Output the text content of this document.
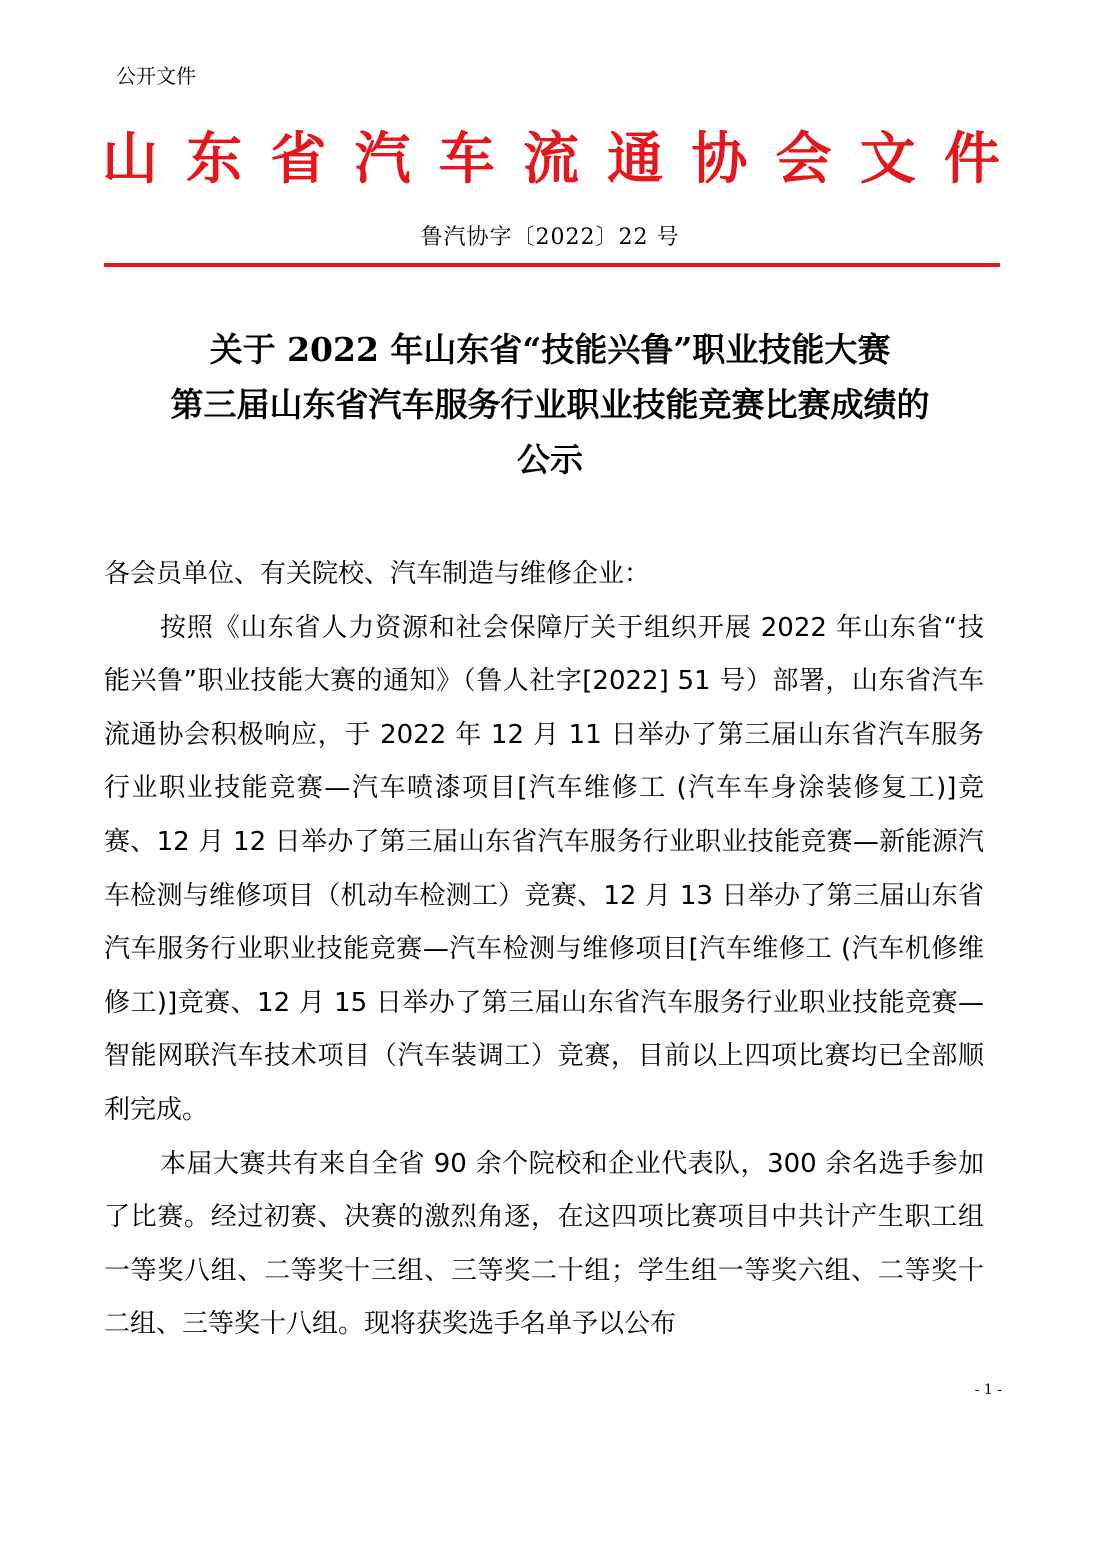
公开文件
山 东 省 汽 车 流 通 协 会 文 件
鲁汽协字〔2022〕22 号
关于 2022 年山东省“技能兴鲁”职业技能大赛
第三届山东省汽车服务行业职业技能竞赛比赛成绩的
公示

各会员单位、有关院校、汽车制造与维修企业：

按照《山东省人力资源和社会保障厅关于组织开展 2022 年山东省“技能兴鲁”职业技能大赛的通知》（鲁人社字[2022] 51 号）部署，山东省汽车流通协会积极响应，于 2022 年 12 月 11 日举办了第三届山东省汽车服务行业职业技能竞赛—汽车喷漆项目[汽车维修工 (汽车车身涂装修复工)]竞赛、12 月 12 日举办了第三届山东省汽车服务行业职业技能竞赛—新能源汽车检测与维修项目（机动车检测工）竞赛、12 月 13 日举办了第三届山东省汽车服务行业职业技能竞赛—汽车检测与维修项目[汽车维修工 (汽车机修维修工)]竞赛、12 月 15 日举办了第三届山东省汽车服务行业职业技能竞赛—智能网联汽车技术项目（汽车装调工）竞赛，目前以上四项比赛均已全部顺利完成。

本届大赛共有来自全省 90 余个院校和企业代表队，300 余名选手参加了比赛。经过初赛、决赛的激烈角逐，在这四项比赛项目中共计产生职工组一等奖八组、二等奖十三组、三等奖二十组；学生组一等奖六组、二等奖十二组、三等奖十八组。现将获奖选手名单予以公布

- 1 -
